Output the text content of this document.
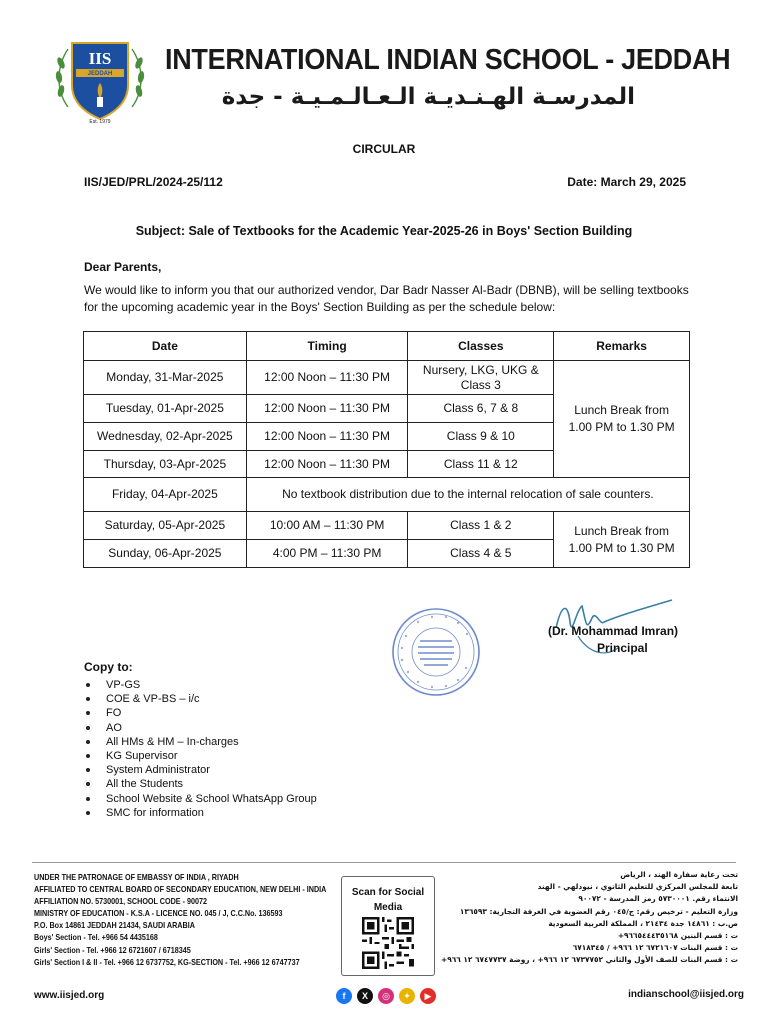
IIS
JEDDAH
Est. 1979
INTERNATIONAL INDIAN SCHOOL - JEDDAH
المدرسـة الهـنـديـة الـعـالـمـيـة - جدة
CIRCULAR
IIS/JED/PRL/2024-25/112	Date: March 29, 2025
Subject: Sale of Textbooks for the Academic Year-2025-26 in Boys' Section Building
Dear Parents,
We would like to inform you that our authorized vendor, Dar Badr Nasser Al-Badr (DBNB), will be selling textbooks for the upcoming academic year in the Boys' Section Building as per the schedule below:
Date	Timing	Classes	Remarks
Monday, 31-Mar-2025	12:00 Noon – 11:30 PM	Nursery, LKG, UKG & Class 3	Lunch Break from 1.00 PM to 1.30 PM
Tuesday, 01-Apr-2025	12:00 Noon – 11:30 PM	Class 6, 7 & 8	
Wednesday, 02-Apr-2025	12:00 Noon – 11:30 PM	Class 9 & 10	
Thursday, 03-Apr-2025	12:00 Noon – 11:30 PM	Class 11 & 12	
Friday, 04-Apr-2025	No textbook distribution due to the internal relocation of sale counters.		
Saturday, 05-Apr-2025	10:00 AM – 11:30 PM	Class 1 & 2	Lunch Break from 1.00 PM to 1.30 PM
Sunday, 06-Apr-2025	4:00 PM – 11:30 PM	Class 4 & 5	
(Dr. Mohammad Imran)
Principal
Copy to:
VP-GS
COE & VP-BS – i/c
FO
AO
All HMs & HM – In-charges
KG Supervisor
System Administrator
All the Students
School Website & School WhatsApp Group
SMC for information
UNDER THE PATRONAGE OF EMBASSY OF INDIA , RIYADH
AFFILIATED TO CENTRAL BOARD OF SECONDARY EDUCATION, NEW DELHI - INDIA
AFFILIATION NO. 5730001, SCHOOL CODE - 90072
MINISTRY OF EDUCATION - K.S.A - LICENCE NO. 045 / J, C.C.No. 136593
P.O. Box 14861 JEDDAH 21434, SAUDI ARABIA
Boys' Section - Tel. +966 54 4435168
Girls' Section - Tel. +966 12 6721607 / 6718345
Girls' Section I & II - Tel. +966 12 6737752, KG-SECTION - Tel. +966 12 6747737
Scan for Social Media
تحت رعاية سفارة الهند ، الرياض
تابعة للمجلس المركزي للتعليم الثانوي ، نيودلهي - الهند
الانتماء رقم. ٥٧٣٠٠٠١ رمز المدرسة - ٩٠٠٧٢
وزارة التعليم - ترخيص رقم: ج/٠٤٥ رقم العضوية في الغرفة التجارية: ١٣٦٥٩٣
ص.ب : ١٤٨٦١ جدة ٢١٤٣٤ ، المملكة العربية السعودية
ت : قسم البنين ٩٦٦٥٤٤٤٣٥١٦٨+
ت : قسم البنات ٦٧٢١٦٠٧ ١٢ ٩٦٦+ / ٦٧١٨٣٤٥
ت : قسم البنات للصف الأول والثاني ٦٧٣٧٧٥٢ ١٢ ٩٦٦+ ، روضة ٦٧٤٧٧٣٧ ١٢ ٩٦٦+
www.iisjed.org	f	X	◎	✦	▶	indianschool@iisjed.org
